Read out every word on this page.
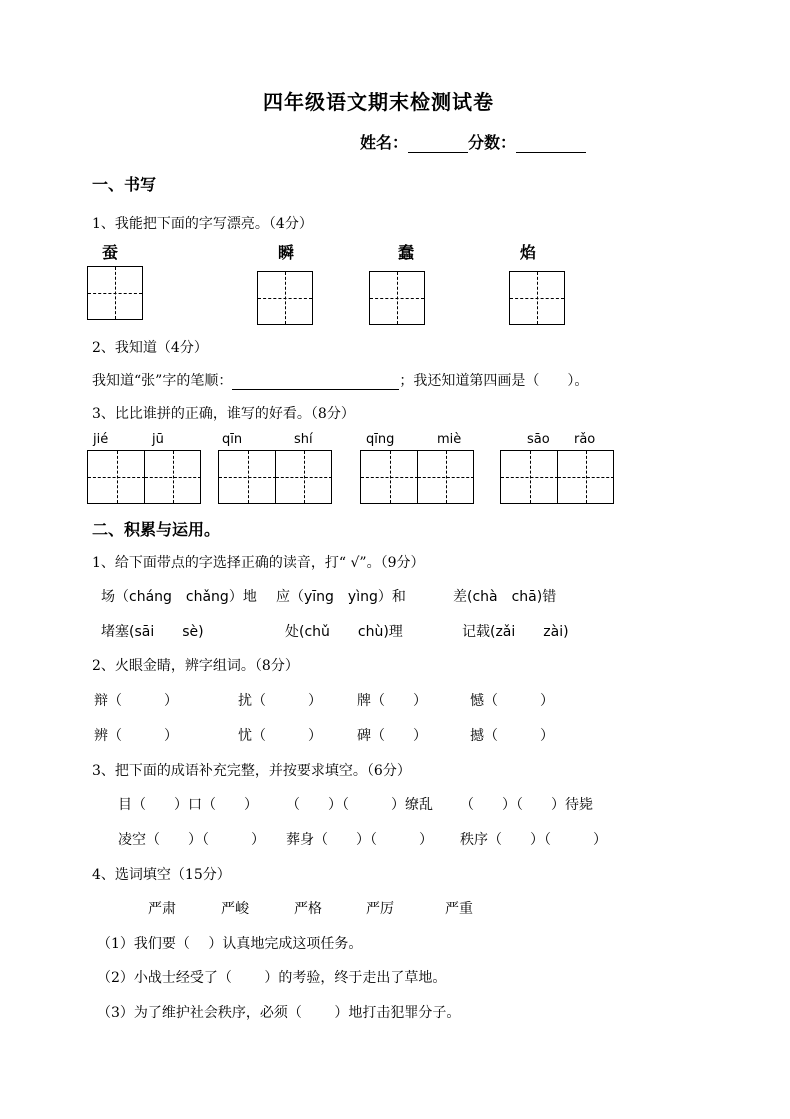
四年级语文期末检测试卷
姓名：	分数：
一、书写
1、我能把下面的字写漂亮。（4分）
蚕	瞬	蠢	焰
2、我知道（4分）
我知道“张”字的笔顺：	；我还知道第四画是（　　）。
3、比比谁拼的正确，谁写的好看。（8分）
jié	jū	qīn	shí	qīng	miè	sāo rǎo
二、积累与运用。
1、给下面带点的字选择正确的读音，打“ √”。（9分）
场（cháng　chǎng）地 应（yīng　yìng）和	差(chà　chā)错
堵塞(sāi　　sè)	处(chǔ　　chù)理	记载(zǎi　　zài)
2、火眼金睛，辨字组词。（8分）
辩（　　　）	扰（　　　）	牌（　　）	憾（　　　）
辨（　　　）	忧（　　　）	碑（　　）	撼（　　　）
3、把下面的成语补充完整，并按要求填空。（6分）
目（　　）口（　　） （　　）（　　　）缭乱 （　　）（　　）待毙
凌空（　　）（　　　） 葬身（　　）（　　　） 秩序（　　）（　　　）
4、选词填空（15分）
严肃	严峻	严格	严厉	严重
（1）我们要（　 ）认真地完成这项任务。
（2）小战士经受了（　　 ）的考验，终于走出了草地。
（3）为了维护社会秩序，必须（　　 ）地打击犯罪分子。
